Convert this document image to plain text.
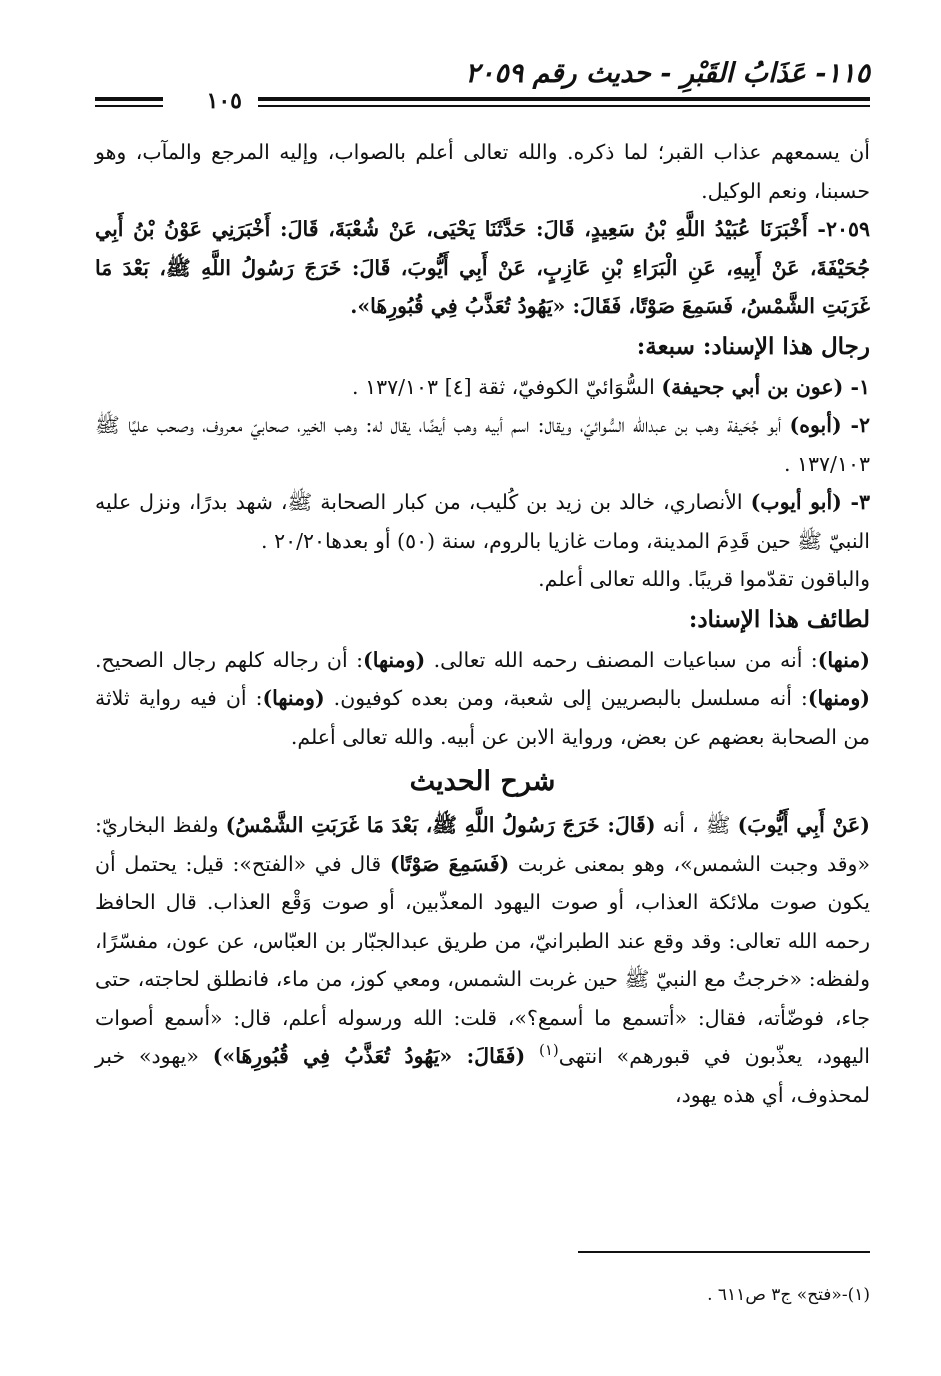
١١٥- عَذَابُ القَبْرِ - حديث رقم ٢٠٥٩
١٠٥

أن يسمعهم عذاب القبر؛ لما ذكره. والله تعالى أعلم بالصواب، وإليه المرجع والمآب، وهو حسبنا، ونعم الوكيل.

٢٠٥٩- أَخْبَرَنَا عُبَيْدُ اللَّهِ بْنُ سَعِيدٍ، قَالَ: حَدَّثَنَا يَحْيَى، عَنْ شُعْبَةَ، قَالَ: أَخْبَرَنِي عَوْنُ بْنُ أَبِي جُحَيْفَةَ، عَنْ أَبِيهِ، عَنِ الْبَرَاءِ بْنِ عَازِبٍ، عَنْ أَبِي أَيُّوبَ، قَالَ: خَرَجَ رَسُولُ اللَّهِ ﷺ، بَعْدَ مَا غَرَبَتِ الشَّمْسُ، فَسَمِعَ صَوْتًا، فَقَالَ: «يَهُودُ تُعَذَّبُ فِي قُبُورِهَا».

رجال هذا الإسناد: سبعة:

١- (عون بن أبي جحيفة) السُّوَائيّ الكوفيّ، ثقة [٤] ١٣٧/١٠٣ .

٢- (أبوه) أبو جُحَيفة وهب بن عبدالله السُّوائيّ، ويقال: اسم أبيه وهب أيضًا، يقال له: وهب الخير، صحابيّ معروف، وصحب عليًا ﷺ ١٣٧/١٠٣ .

٣- (أبو أيوب) الأنصاري، خالد بن زيد بن كُليب، من كبار الصحابة ﷺ، شهد بدرًا، ونزل عليه النبيّ ﷺ حين قَدِمَ المدينة، ومات غازيا بالروم، سنة (٥٠) أو بعدها٢٠/٢٠ .

والباقون تقدّموا قريبًا. والله تعالى أعلم.

لطائف هذا الإسناد:

(منها): أنه من سباعيات المصنف رحمه الله تعالى. (ومنها): أن رجاله كلهم رجال الصحيح. (ومنها): أنه مسلسل بالبصريين إلى شعبة، ومن بعده كوفيون. (ومنها): أن فيه رواية ثلاثة من الصحابة بعضهم عن بعض، ورواية الابن عن أبيه. والله تعالى أعلم.

شرح الحديث

(عَنْ أَبِي أَيُّوبَ) ﷺ ، أنه (قَالَ: خَرَجَ رَسُولُ اللَّهِ ﷺ، بَعْدَ مَا غَرَبَتِ الشَّمْسُ) ولفظ البخاريّ: «وقد وجبت الشمس»، وهو بمعنى غربت (فَسَمِعَ صَوْتًا) قال في «الفتح»: قيل: يحتمل أن يكون صوت ملائكة العذاب، أو صوت اليهود المعذّبين، أو صوت وَقْع العذاب. قال الحافظ رحمه الله تعالى: وقد وقع عند الطبرانيّ، من طريق عبدالجبّار بن العبّاس، عن عون، مفسّرًا، ولفظه: «خرجتُ مع النبيّ ﷺ حين غربت الشمس، ومعي كوز، من ماء، فانطلق لحاجته، حتى جاء، فوضّأته، فقال: «أتسمع ما أسمع؟»، قلت: الله ورسوله أعلم، قال: «أسمع أصوات اليهود، يعذّبون في قبورهم» انتهى$^{(١)}$ (فَقَالَ: «يَهُودُ تُعَذَّبُ فِي قُبُورِهَا») «يهود» خبر لمحذوف، أي هذه يهود،

(١)-«فتح» ج٣ ص٦١١ .
